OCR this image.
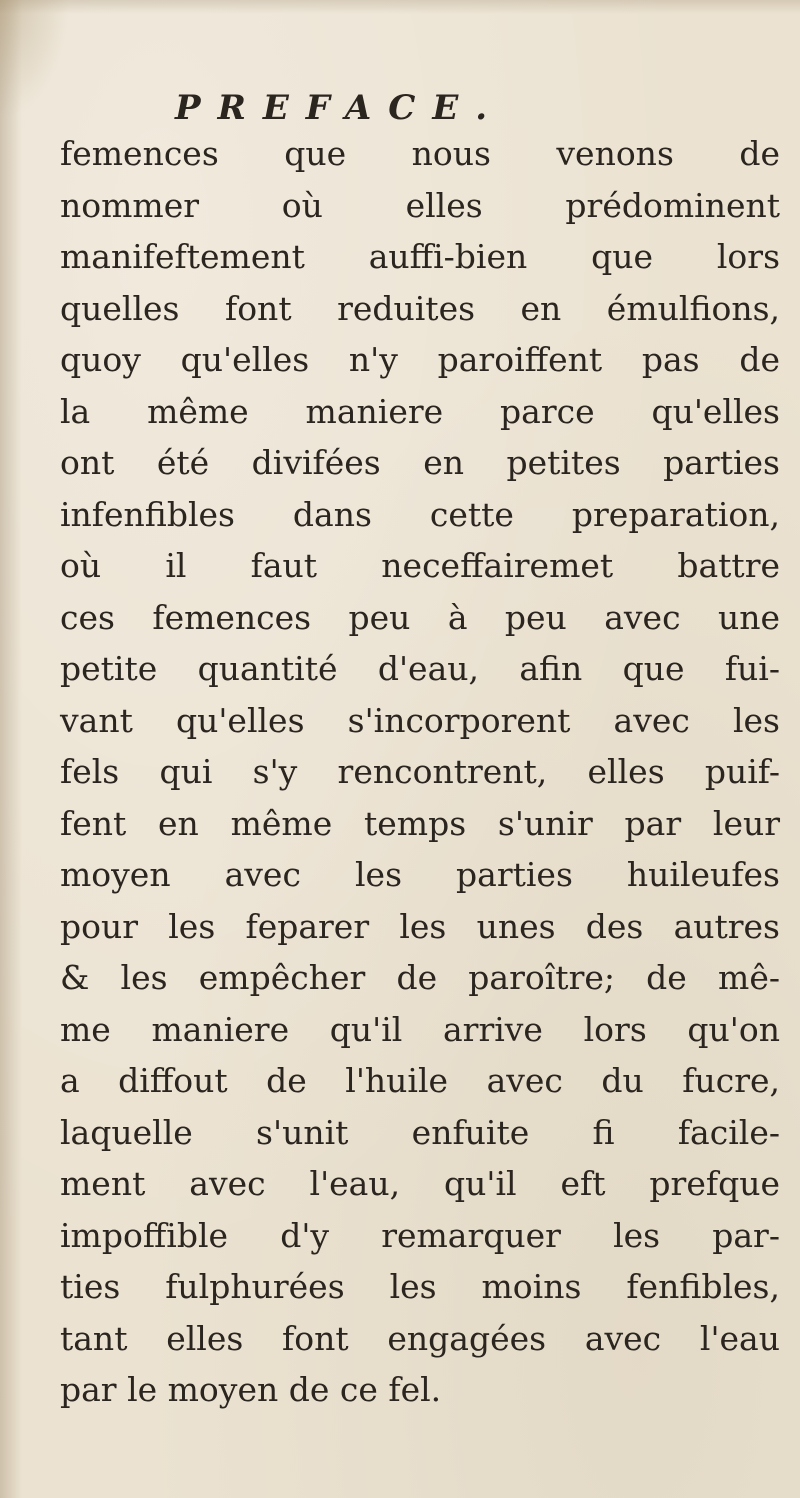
PREFACE.
femences que nous venons de
nommer où elles prédominent
manifeftement auffi-bien que lors
quelles font reduites en émulfions,
quoy qu'elles n'y paroiffent pas de
la même maniere parce qu'elles
ont été divifées en petites parties
infenfibles dans cette preparation,
où il faut neceffairemet battre
ces femences peu à peu avec une
petite quantité d'eau, afin que fui-
vant qu'elles s'incorporent avec les
fels qui s'y rencontrent, elles puif-
fent en même temps s'unir par leur
moyen avec les parties huileufes
pour les feparer les unes des autres
& les empêcher de paroître; de mê-
me maniere qu'il arrive lors qu'on
a diffout de l'huile avec du fucre,
laquelle s'unit enfuite fi facile-
ment avec l'eau, qu'il eft prefque
impoffible d'y remarquer les par-
ties fulphurées les moins fenfibles,
tant elles font engagées avec l'eau
par le moyen de ce fel.
